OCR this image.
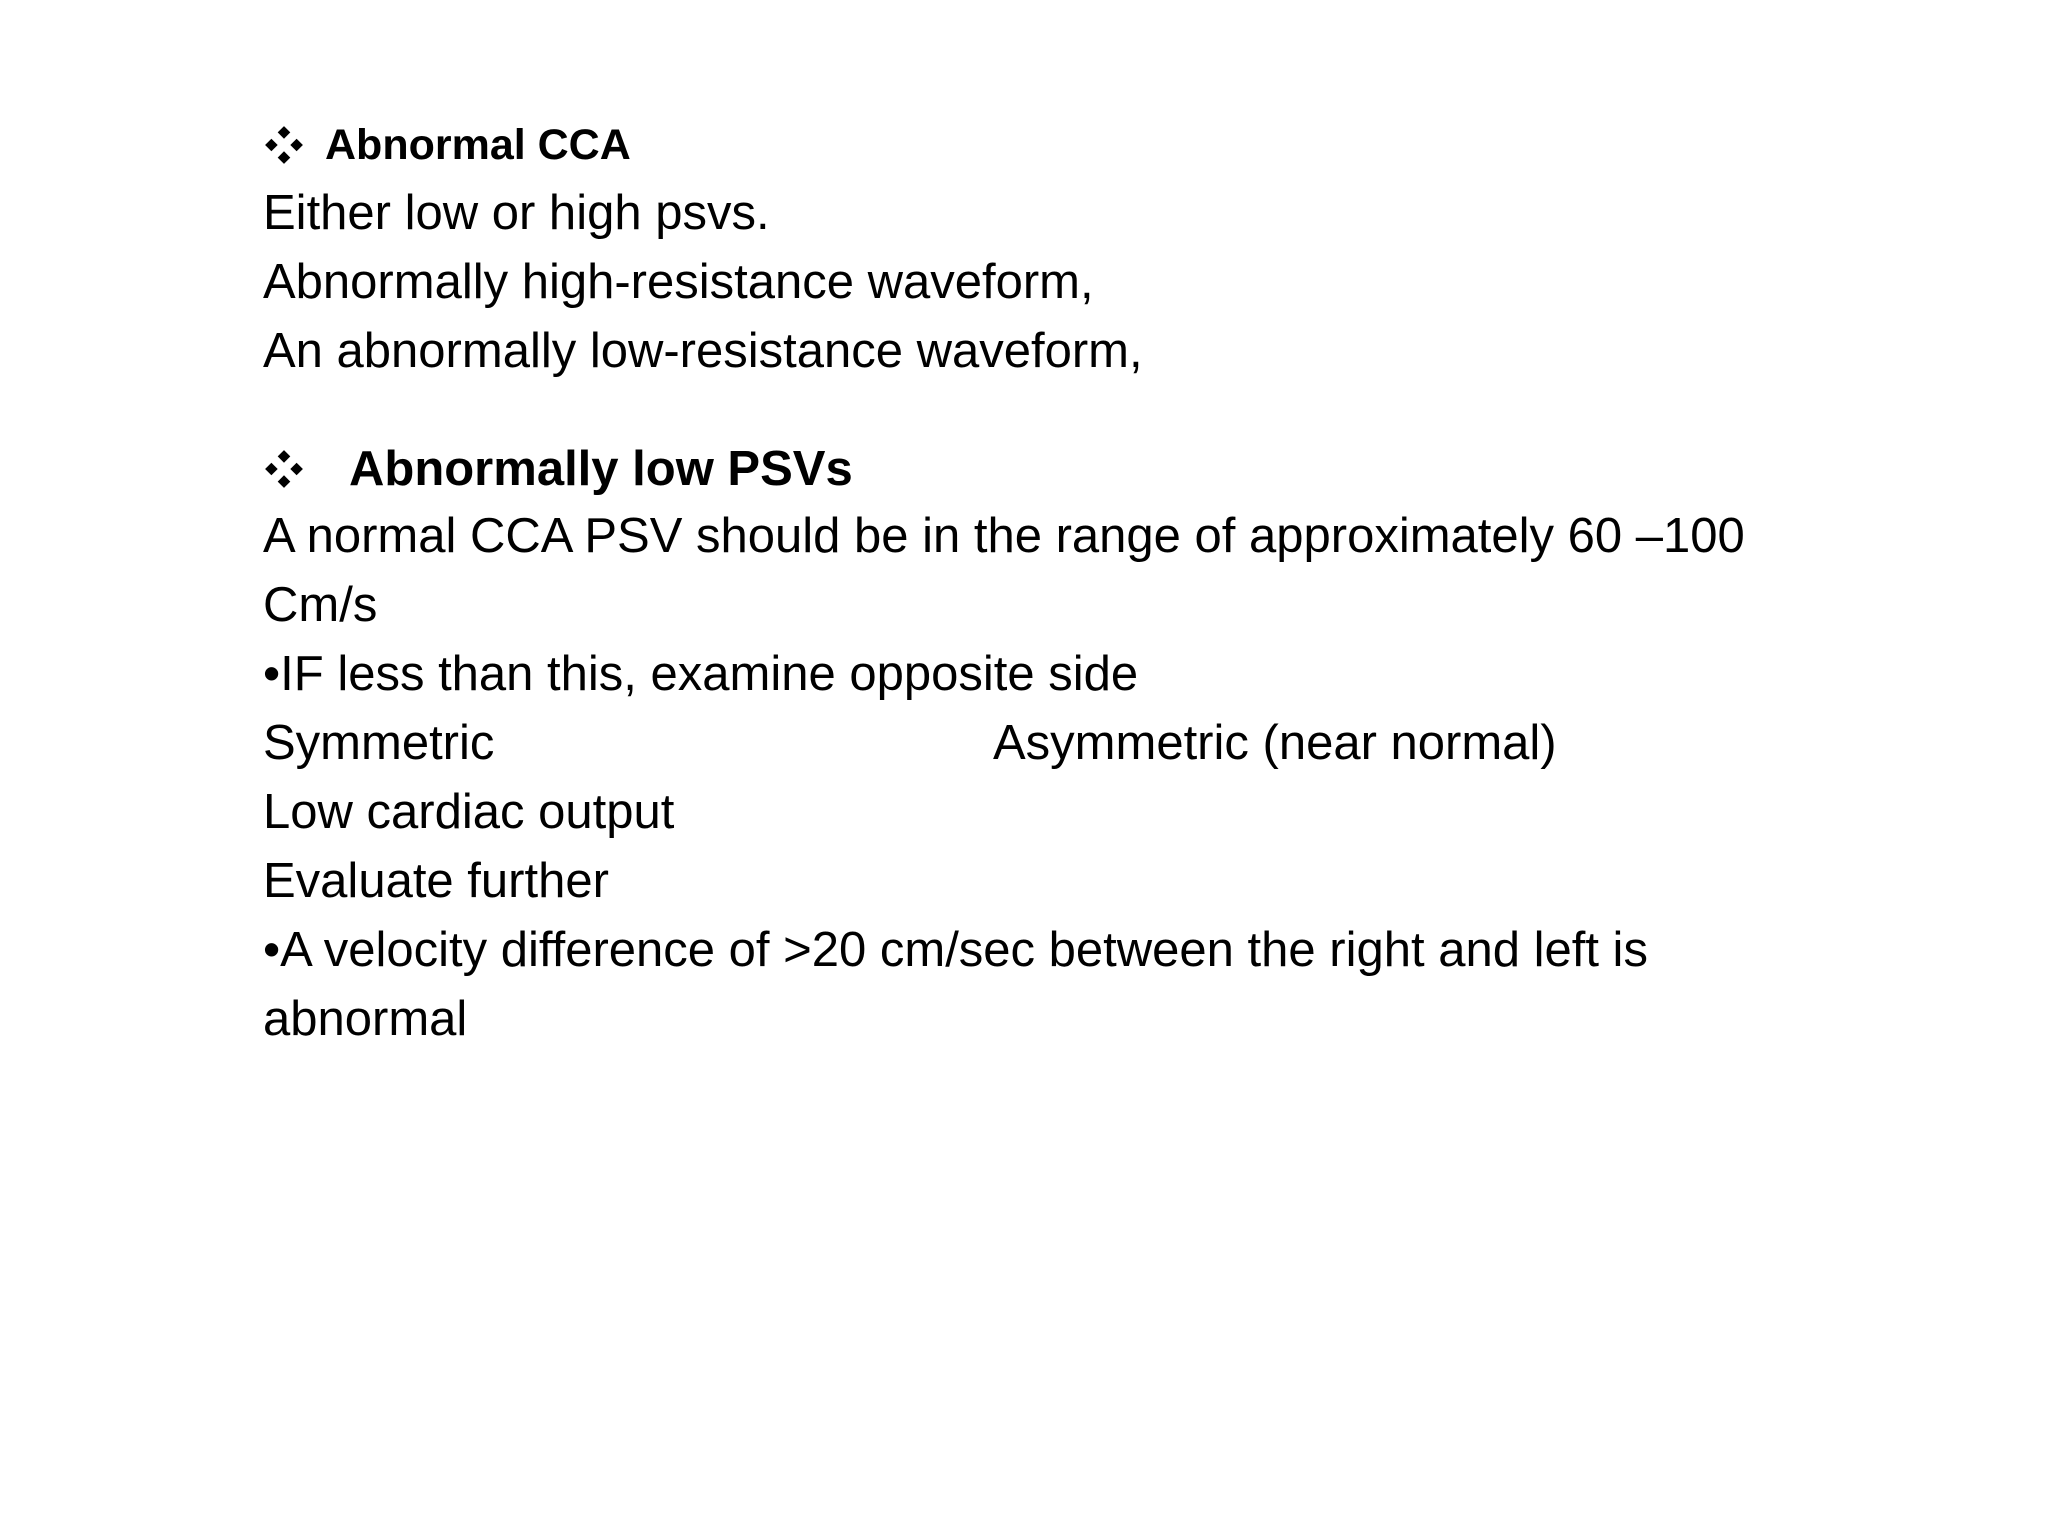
Abnormal CCA
Either low or high psvs.
Abnormally high-resistance waveform,
An abnormally low-resistance waveform,
Abnormally low PSVs
A normal CCA PSV should be in the range of approximately 60 –100
Cm/s
•IF less than this, examine opposite side
Symmetric	Asymmetric (near normal)
Low cardiac output
Evaluate further
•A velocity difference of >20 cm/sec between the right and left is
abnormal
